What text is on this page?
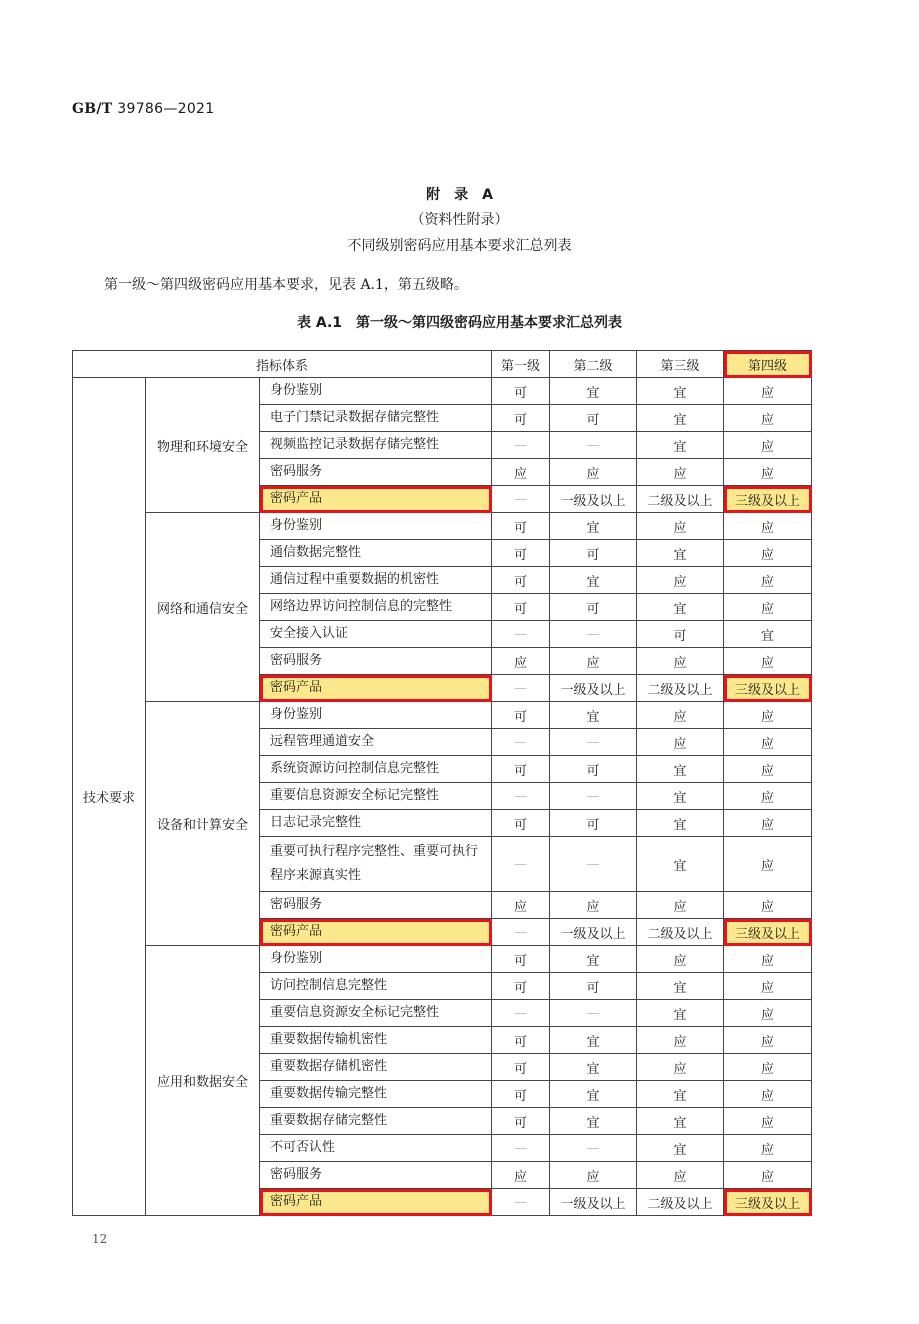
GB/T 39786—2021
附　录　A
（资料性附录）
不同级别密码应用基本要求汇总列表
第一级～第四级密码应用基本要求，见表 A.1，第五级略。
表 A.1　第一级～第四级密码应用基本要求汇总列表
指标体系			第一级	第二级	第三级	第四级
技术要求	物理和环境安全	身份鉴别	可	宜	宜	应
		电子门禁记录数据存储完整性	可	可	宜	应
		视频监控记录数据存储完整性	—	—	宜	应
		密码服务	应	应	应	应
		密码产品	—	一级及以上	二级及以上	三级及以上
	网络和通信安全	身份鉴别	可	宜	应	应
		通信数据完整性	可	可	宜	应
		通信过程中重要数据的机密性	可	宜	应	应
		网络边界访问控制信息的完整性	可	可	宜	应
		安全接入认证	—	—	可	宜
		密码服务	应	应	应	应
		密码产品	—	一级及以上	二级及以上	三级及以上
	设备和计算安全	身份鉴别	可	宜	应	应
		远程管理通道安全	—	—	应	应
		系统资源访问控制信息完整性	可	可	宜	应
		重要信息资源安全标记完整性	—	—	宜	应
		日志记录完整性	可	可	宜	应
		重要可执行程序完整性、重要可执行程序来源真实性	—	—	宜	应
		密码服务	应	应	应	应
		密码产品	—	一级及以上	二级及以上	三级及以上
	应用和数据安全	身份鉴别	可	宜	应	应
		访问控制信息完整性	可	可	宜	应
		重要信息资源安全标记完整性	—	—	宜	应
		重要数据传输机密性	可	宜	应	应
		重要数据存储机密性	可	宜	应	应
		重要数据传输完整性	可	宜	宜	应
		重要数据存储完整性	可	宜	宜	应
		不可否认性	—	—	宜	应
		密码服务	应	应	应	应
		密码产品	—	一级及以上	二级及以上	三级及以上
12
